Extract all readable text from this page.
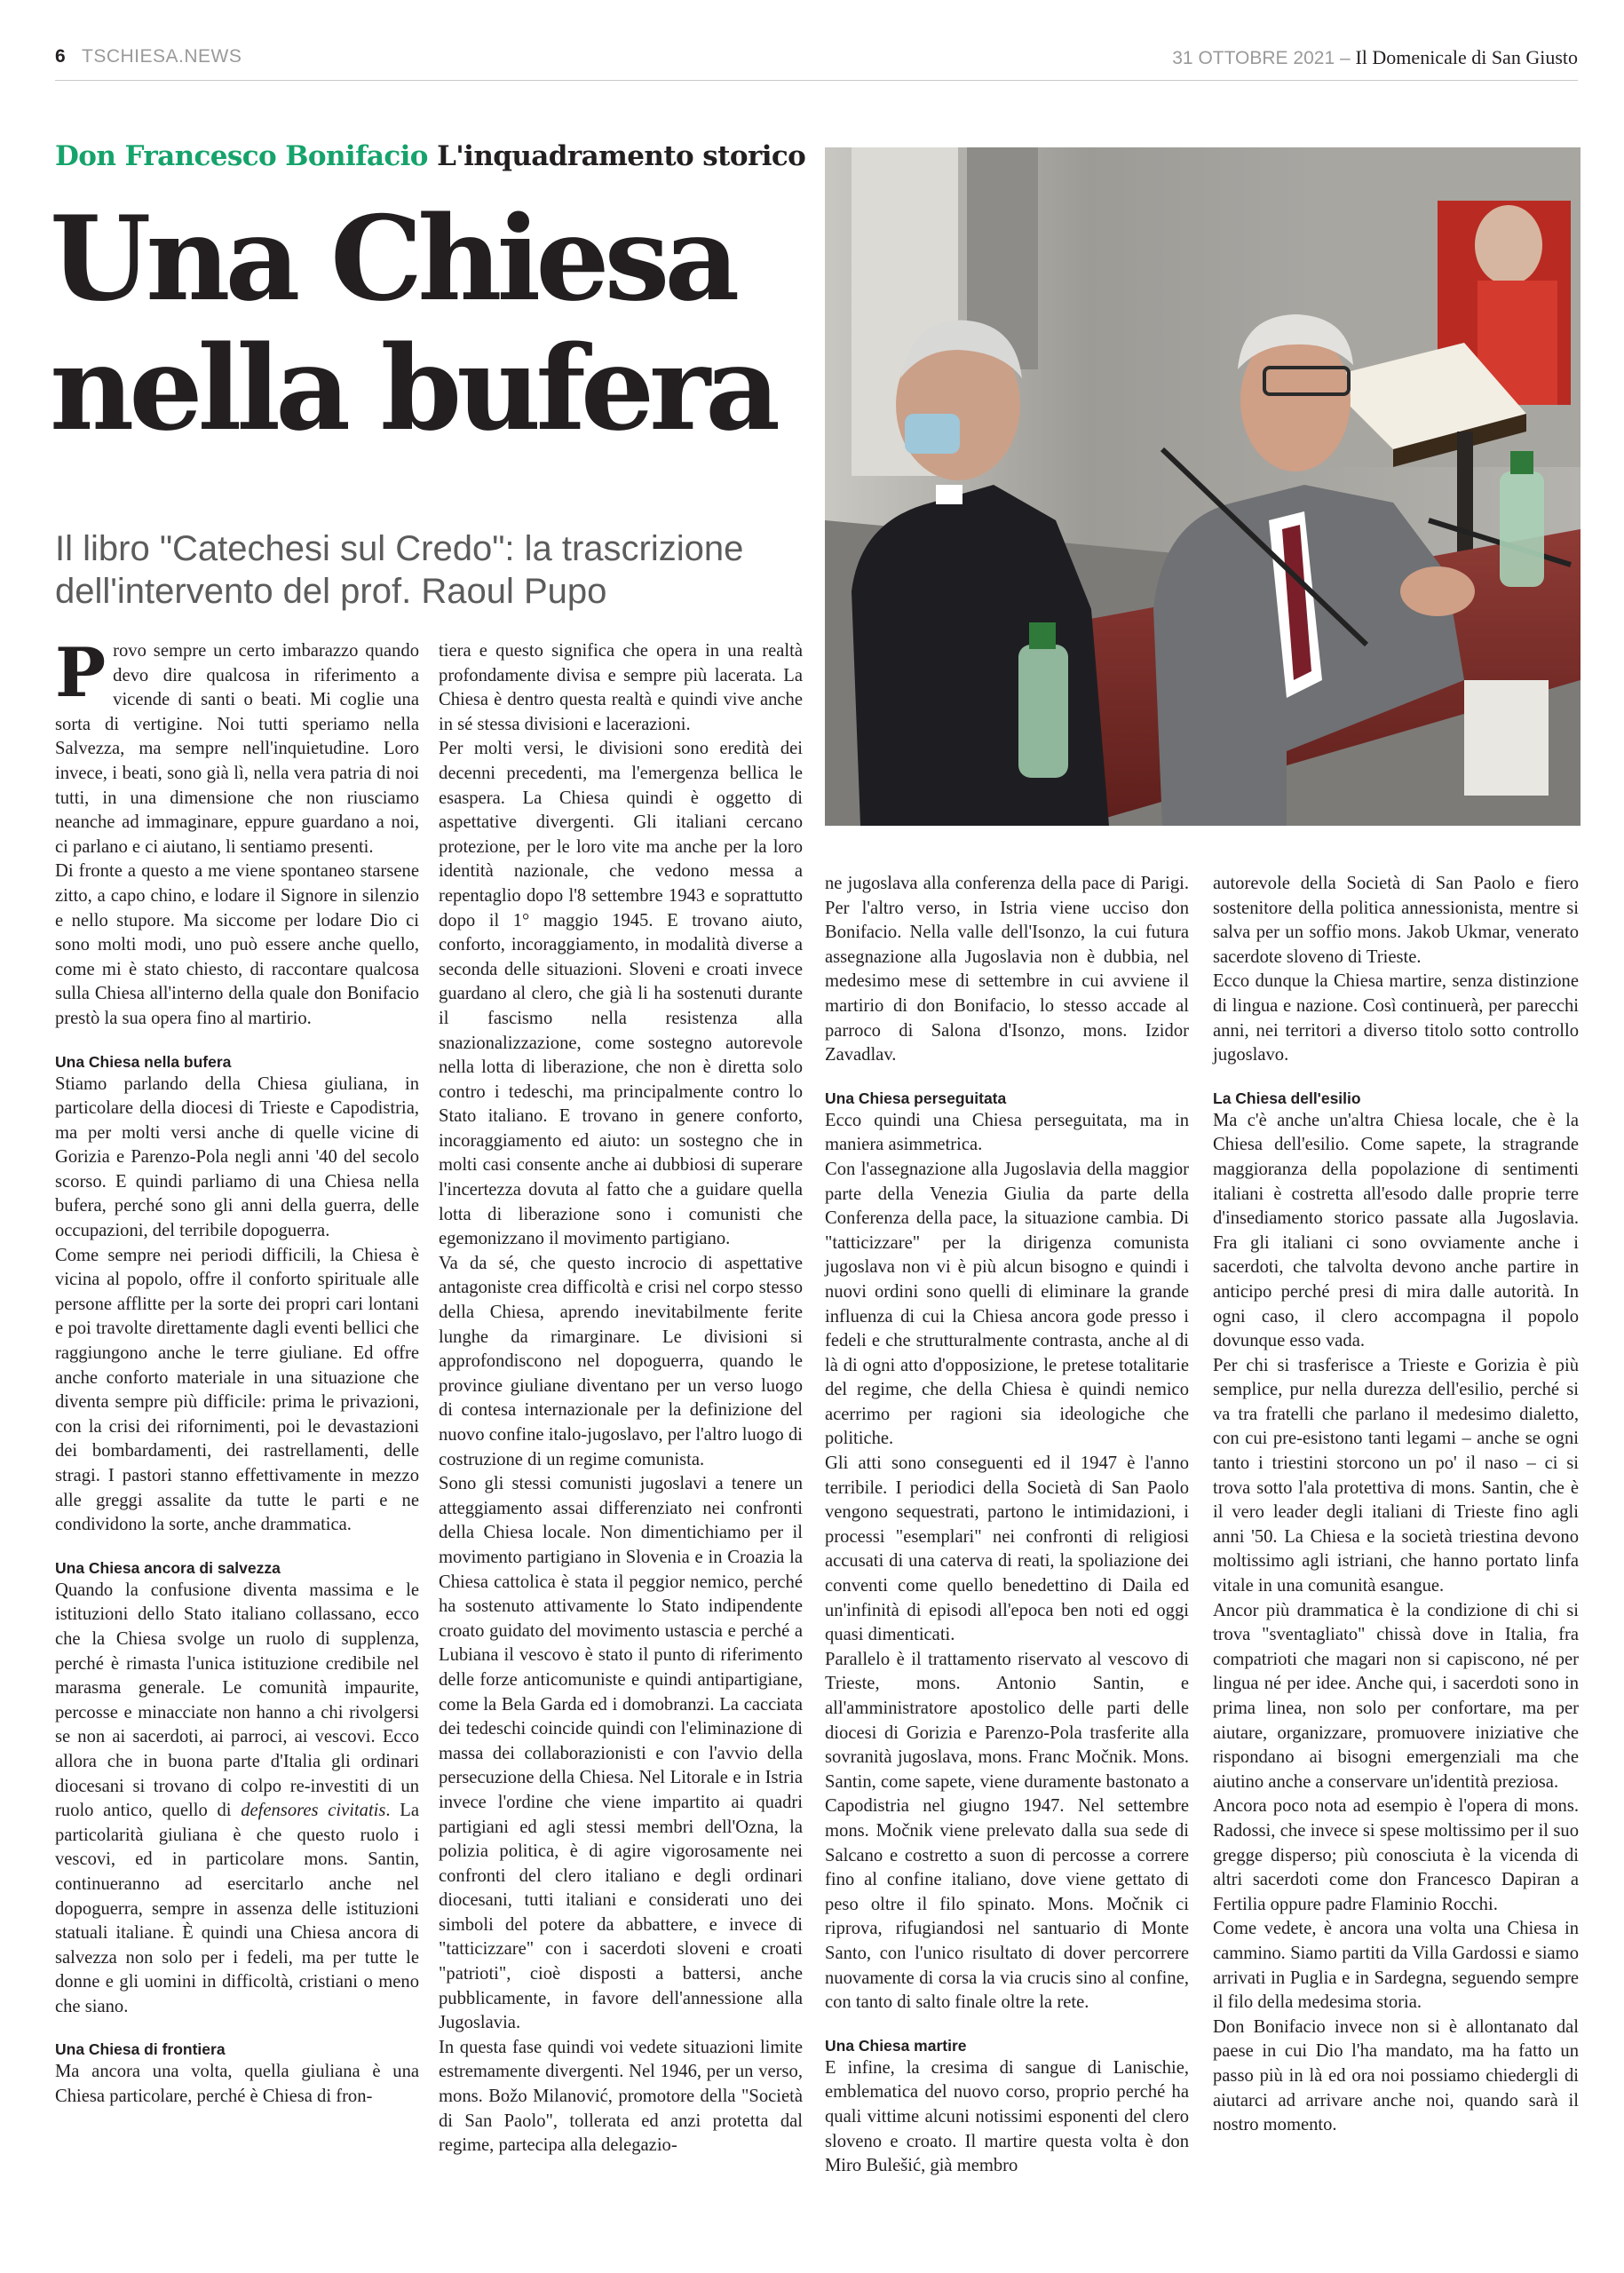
6 TSCHIESA.NEWS	31 OTTOBRE 2021 – Il Domenicale di San Giusto
Don Francesco Bonifacio L'inquadramento storico
Una Chiesa
nella bufera
Il libro "Catechesi sul Credo": la trascrizione dell'intervento del prof. Raoul Pupo

Provo sempre un certo imbarazzo quando devo dire qualcosa in riferimento a vicende di santi o beati. Mi coglie una sorta di vertigine. Noi tutti speriamo nella Salvezza, ma sempre nell'inquietudine. Loro invece, i beati, sono già lì, nella vera patria di noi tutti, in una dimensione che non riusciamo neanche ad immaginare, eppure guardano a noi, ci parlano e ci aiutano, li sentiamo presenti.

Di fronte a questo a me viene spontaneo starsene zitto, a capo chino, e lodare il Signore in silenzio e nello stupore. Ma siccome per lodare Dio ci sono molti modi, uno può essere anche quello, come mi è stato chiesto, di raccontare qualcosa sulla Chiesa all'interno della quale don Bonifacio prestò la sua opera fino al martirio.

Una Chiesa nella bufera

Stiamo parlando della Chiesa giuliana, in particolare della diocesi di Trieste e Capodistria, ma per molti versi anche di quelle vicine di Gorizia e Parenzo-Pola negli anni '40 del secolo scorso. E quindi parliamo di una Chiesa nella bufera, perché sono gli anni della guerra, delle occupazioni, del terribile dopoguerra.

Come sempre nei periodi difficili, la Chiesa è vicina al popolo, offre il conforto spirituale alle persone afflitte per la sorte dei propri cari lontani e poi travolte direttamente dagli eventi bellici che raggiungono anche le terre giuliane. Ed offre anche conforto materiale in una situazione che diventa sempre più difficile: prima le privazioni, con la crisi dei rifornimenti, poi le devastazioni dei bombardamenti, dei rastrellamenti, delle stragi. I pastori stanno effettivamente in mezzo alle greggi assalite da tutte le parti e ne condividono la sorte, anche drammatica.

Una Chiesa ancora di salvezza

Quando la confusione diventa massima e le istituzioni dello Stato italiano collassano, ecco che la Chiesa svolge un ruolo di supplenza, perché è rimasta l'unica istituzione credibile nel marasma generale. Le comunità impaurite, percosse e minacciate non hanno a chi rivolgersi se non ai sacerdoti, ai parroci, ai vescovi. Ecco allora che in buona parte d'Italia gli ordinari diocesani si trovano di colpo re-investiti di un ruolo antico, quello di defensores civitatis. La particolarità giuliana è che questo ruolo i vescovi, ed in particolare mons. Santin, continueranno ad esercitarlo anche nel dopoguerra, sempre in assenza delle istituzioni statuali italiane. È quindi una Chiesa ancora di salvezza non solo per i fedeli, ma per tutte le donne e gli uomini in difficoltà, cristiani o meno che siano.

Una Chiesa di frontiera

Ma ancora una volta, quella giuliana è una Chiesa particolare, perché è Chiesa di fron-

tiera e questo significa che opera in una realtà profondamente divisa e sempre più lacerata. La Chiesa è dentro questa realtà e quindi vive anche in sé stessa divisioni e lacerazioni.

Per molti versi, le divisioni sono eredità dei decenni precedenti, ma l'emergenza bellica le esaspera. La Chiesa quindi è oggetto di aspettative divergenti. Gli italiani cercano protezione, per le loro vite ma anche per la loro identità nazionale, che vedono messa a repentaglio dopo l'8 settembre 1943 e soprattutto dopo il 1° maggio 1945. E trovano aiuto, conforto, incoraggiamento, in modalità diverse a seconda delle situazioni. Sloveni e croati invece guardano al clero, che già li ha sostenuti durante il fascismo nella resistenza alla snazionalizzazione, come sostegno autorevole nella lotta di liberazione, che non è diretta solo contro i tedeschi, ma principalmente contro lo Stato italiano. E trovano in genere conforto, incoraggiamento ed aiuto: un sostegno che in molti casi consente anche ai dubbiosi di superare l'incertezza dovuta al fatto che a guidare quella lotta di liberazione sono i comunisti che egemonizzano il movimento partigiano.

Va da sé, che questo incrocio di aspettative antagoniste crea difficoltà e crisi nel corpo stesso della Chiesa, aprendo inevitabilmente ferite lunghe da rimarginare. Le divisioni si approfondiscono nel dopoguerra, quando le province giuliane diventano per un verso luogo di contesa internazionale per la definizione del nuovo confine italo-jugoslavo, per l'altro luogo di costruzione di un regime comunista.

Sono gli stessi comunisti jugoslavi a tenere un atteggiamento assai differenziato nei confronti della Chiesa locale. Non dimentichiamo per il movimento partigiano in Slovenia e in Croazia la Chiesa cattolica è stata il peggior nemico, perché ha sostenuto attivamente lo Stato indipendente croato guidato del movimento ustascia e perché a Lubiana il vescovo è stato il punto di riferimento delle forze anticomuniste e quindi antipartigiane, come la Bela Garda ed i domobranzi. La cacciata dei tedeschi coincide quindi con l'eliminazione di massa dei collaborazionisti e con l'avvio della persecuzione della Chiesa. Nel Litorale e in Istria invece l'ordine che viene impartito ai quadri partigiani ed agli stessi membri dell'Ozna, la polizia politica, è di agire vigorosamente nei confronti del clero italiano e degli ordinari diocesani, tutti italiani e considerati uno dei simboli del potere da abbattere, e invece di "tatticizzare" con i sacerdoti sloveni e croati "patrioti", cioè disposti a battersi, anche pubblicamente, in favore dell'annessione alla Jugoslavia.

In questa fase quindi voi vedete situazioni limite estremamente divergenti. Nel 1946, per un verso, mons. Božo Milanović, promotore della "Società di San Paolo", tollerata ed anzi protetta dal regime, partecipa alla delegazio-

ne jugoslava alla conferenza della pace di Parigi. Per l'altro verso, in Istria viene ucciso don Bonifacio. Nella valle dell'Isonzo, la cui futura assegnazione alla Jugoslavia non è dubbia, nel medesimo mese di settembre in cui avviene il martirio di don Bonifacio, lo stesso accade al parroco di Salona d'Isonzo, mons. Izidor Zavadlav.

Una Chiesa perseguitata

Ecco quindi una Chiesa perseguitata, ma in maniera asimmetrica.

Con l'assegnazione alla Jugoslavia della maggior parte della Venezia Giulia da parte della Conferenza della pace, la situazione cambia. Di "tatticizzare" per la dirigenza comunista jugoslava non vi è più alcun bisogno e quindi i nuovi ordini sono quelli di eliminare la grande influenza di cui la Chiesa ancora gode presso i fedeli e che strutturalmente contrasta, anche al di là di ogni atto d'opposizione, le pretese totalitarie del regime, che della Chiesa è quindi nemico acerrimo per ragioni sia ideologiche che politiche.

Gli atti sono conseguenti ed il 1947 è l'anno terribile. I periodici della Società di San Paolo vengono sequestrati, partono le intimidazioni, i processi "esemplari" nei confronti di religiosi accusati di una caterva di reati, la spoliazione dei conventi come quello benedettino di Daila ed un'infinità di episodi all'epoca ben noti ed oggi quasi dimenticati.

Parallelo è il trattamento riservato al vescovo di Trieste, mons. Antonio Santin, e all'amministratore apostolico delle parti delle diocesi di Gorizia e Parenzo-Pola trasferite alla sovranità jugoslava, mons. Franc Močnik. Mons. Santin, come sapete, viene duramente bastonato a Capodistria nel giugno 1947. Nel settembre mons. Močnik viene prelevato dalla sua sede di Salcano e costretto a suon di percosse a correre fino al confine italiano, dove viene gettato di peso oltre il filo spinato. Mons. Močnik ci riprova, rifugiandosi nel santuario di Monte Santo, con l'unico risultato di dover percorrere nuovamente di corsa la via crucis sino al confine, con tanto di salto finale oltre la rete.

Una Chiesa martire

E infine, la cresima di sangue di Lanischie, emblematica del nuovo corso, proprio perché ha quali vittime alcuni notissimi esponenti del clero sloveno e croato. Il martire questa volta è don Miro Bulešić, già membro

autorevole della Società di San Paolo e fiero sostenitore della politica annessionista, mentre si salva per un soffio mons. Jakob Ukmar, venerato sacerdote sloveno di Trieste.

Ecco dunque la Chiesa martire, senza distinzione di lingua e nazione. Così continuerà, per parecchi anni, nei territori a diverso titolo sotto controllo jugoslavo.

La Chiesa dell'esilio

Ma c'è anche un'altra Chiesa locale, che è la Chiesa dell'esilio. Come sapete, la stragrande maggioranza della popolazione di sentimenti italiani è costretta all'esodo dalle proprie terre d'insediamento storico passate alla Jugoslavia. Fra gli italiani ci sono ovviamente anche i sacerdoti, che talvolta devono anche partire in anticipo perché presi di mira dalle autorità. In ogni caso, il clero accompagna il popolo dovunque esso vada.

Per chi si trasferisce a Trieste e Gorizia è più semplice, pur nella durezza dell'esilio, perché si va tra fratelli che parlano il medesimo dialetto, con cui pre-esistono tanti legami – anche se ogni tanto i triestini storcono un po' il naso – ci si trova sotto l'ala protettiva di mons. Santin, che è il vero leader degli italiani di Trieste fino agli anni '50. La Chiesa e la società triestina devono moltissimo agli istriani, che hanno portato linfa vitale in una comunità esangue.

Ancor più drammatica è la condizione di chi si trova "sventagliato" chissà dove in Italia, fra compatrioti che magari non si capiscono, né per lingua né per idee. Anche qui, i sacerdoti sono in prima linea, non solo per confortare, ma per aiutare, organizzare, promuovere iniziative che rispondano ai bisogni emergenziali ma che aiutino anche a conservare un'identità preziosa.

Ancora poco nota ad esempio è l'opera di mons. Radossi, che invece si spese moltissimo per il suo gregge disperso; più conosciuta è la vicenda di altri sacerdoti come don Francesco Dapiran a Fertilia oppure padre Flaminio Rocchi.

Come vedete, è ancora una volta una Chiesa in cammino. Siamo partiti da Villa Gardossi e siamo arrivati in Puglia e in Sardegna, seguendo sempre il filo della medesima storia.

Don Bonifacio invece non si è allontanato dal paese in cui Dio l'ha mandato, ma ha fatto un passo più in là ed ora noi possiamo chiedergli di aiutarci ad arrivare anche noi, quando sarà il nostro momento.
